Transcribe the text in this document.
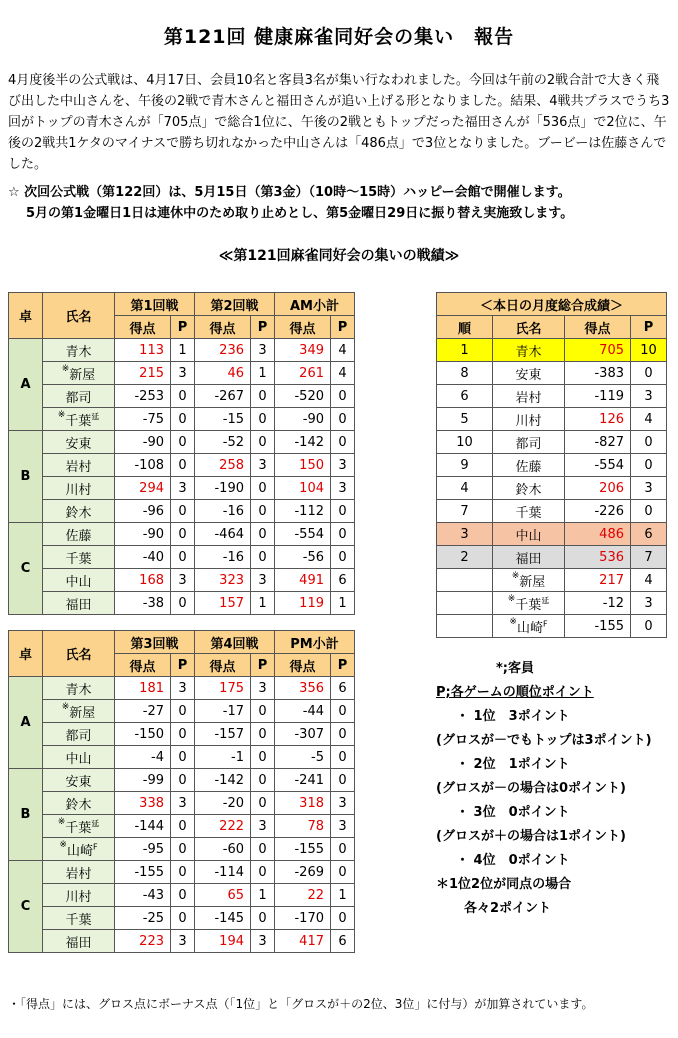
第121回 健康麻雀同好会の集い　報告
4月度後半の公式戦は、4月17日、会員10名と客員3名が集い行なわれました。今回は午前の2戦合計で大きく飛び出した中山さんを、午後の2戦で青木さんと福田さんが追い上げる形となりました。結果、4戦共プラスでうち3回がトップの青木さんが「705点」で総合1位に、午後の2戦ともトップだった福田さんが「536点」で2位に、午後の2戦共1ケタのマイナスで勝ち切れなかった中山さんは「486点」で3位となりました。ブービーは佐藤さんでした。
☆ 次回公式戦（第122回）は、5月15日（第3金）（10時～15時）ハッピー会館で開催します。
5月の第1金曜日1日は連休中のため取り止めとし、第5金曜日29日に振り替え実施致します。
≪第121回麻雀同好会の集いの戦績≫
卓	氏名	第1回戦		第2回戦		AM小計	
		得点	P	得点	P	得点	P
A	青木	113	1	236	3	349	4
	※新屋	215	3	46	1	261	4
	都司	-253	0	-267	0	-520	0
	※千葉$^延$	-75	0	-15	0	-90	0
B	安東	-90	0	-52	0	-142	0
	岩村	-108	0	258	3	150	3
	川村	294	3	-190	0	104	3
	鈴木	-96	0	-16	0	-112	0
C	佐藤	-90	0	-464	0	-554	0
	千葉	-40	0	-16	0	-56	0
	中山	168	3	323	3	491	6
	福田	-38	0	157	1	119	1
卓	氏名	第3回戦		第4回戦		PM小計	
		得点	P	得点	P	得点	P
A	青木	181	3	175	3	356	6
	※新屋	-27	0	-17	0	-44	0
	都司	-150	0	-157	0	-307	0
	中山	-4	0	-1	0	-5	0
B	安東	-99	0	-142	0	-241	0
	鈴木	338	3	-20	0	318	3
	※千葉$^延$	-144	0	222	3	78	3
	※山崎$^F$	-95	0	-60	0	-155	0
C	岩村	-155	0	-114	0	-269	0
	川村	-43	0	65	1	22	1
	千葉	-25	0	-145	0	-170	0
	福田	223	3	194	3	417	6
＜本日の月度総合成績＞			
順	氏名	得点	P
1	青木	705	10
8	安東	-383	0
6	岩村	-119	3
5	川村	126	4
10	都司	-827	0
9	佐藤	-554	0
4	鈴木	206	3
7	千葉	-226	0
3	中山	486	6
2	福田	536	7
	※新屋	217	4
	※千葉$^延$	-12	3
	※山崎$^F$	-155	0
*;客員
P;各ゲームの順位ポイント
・ 1位　3ポイント
(グロスが－でもトップは3ポイント)
・ 2位　1ポイント
(グロスが－の場合は0ポイント)
・ 3位　0ポイント
(グロスが＋の場合は1ポイント)
・ 4位　0ポイント
＊1位2位が同点の場合
各々2ポイント
・「得点」には、グロス点にボーナス点（「1位」と「グロスが＋の2位、3位」に付与）が加算されています。
